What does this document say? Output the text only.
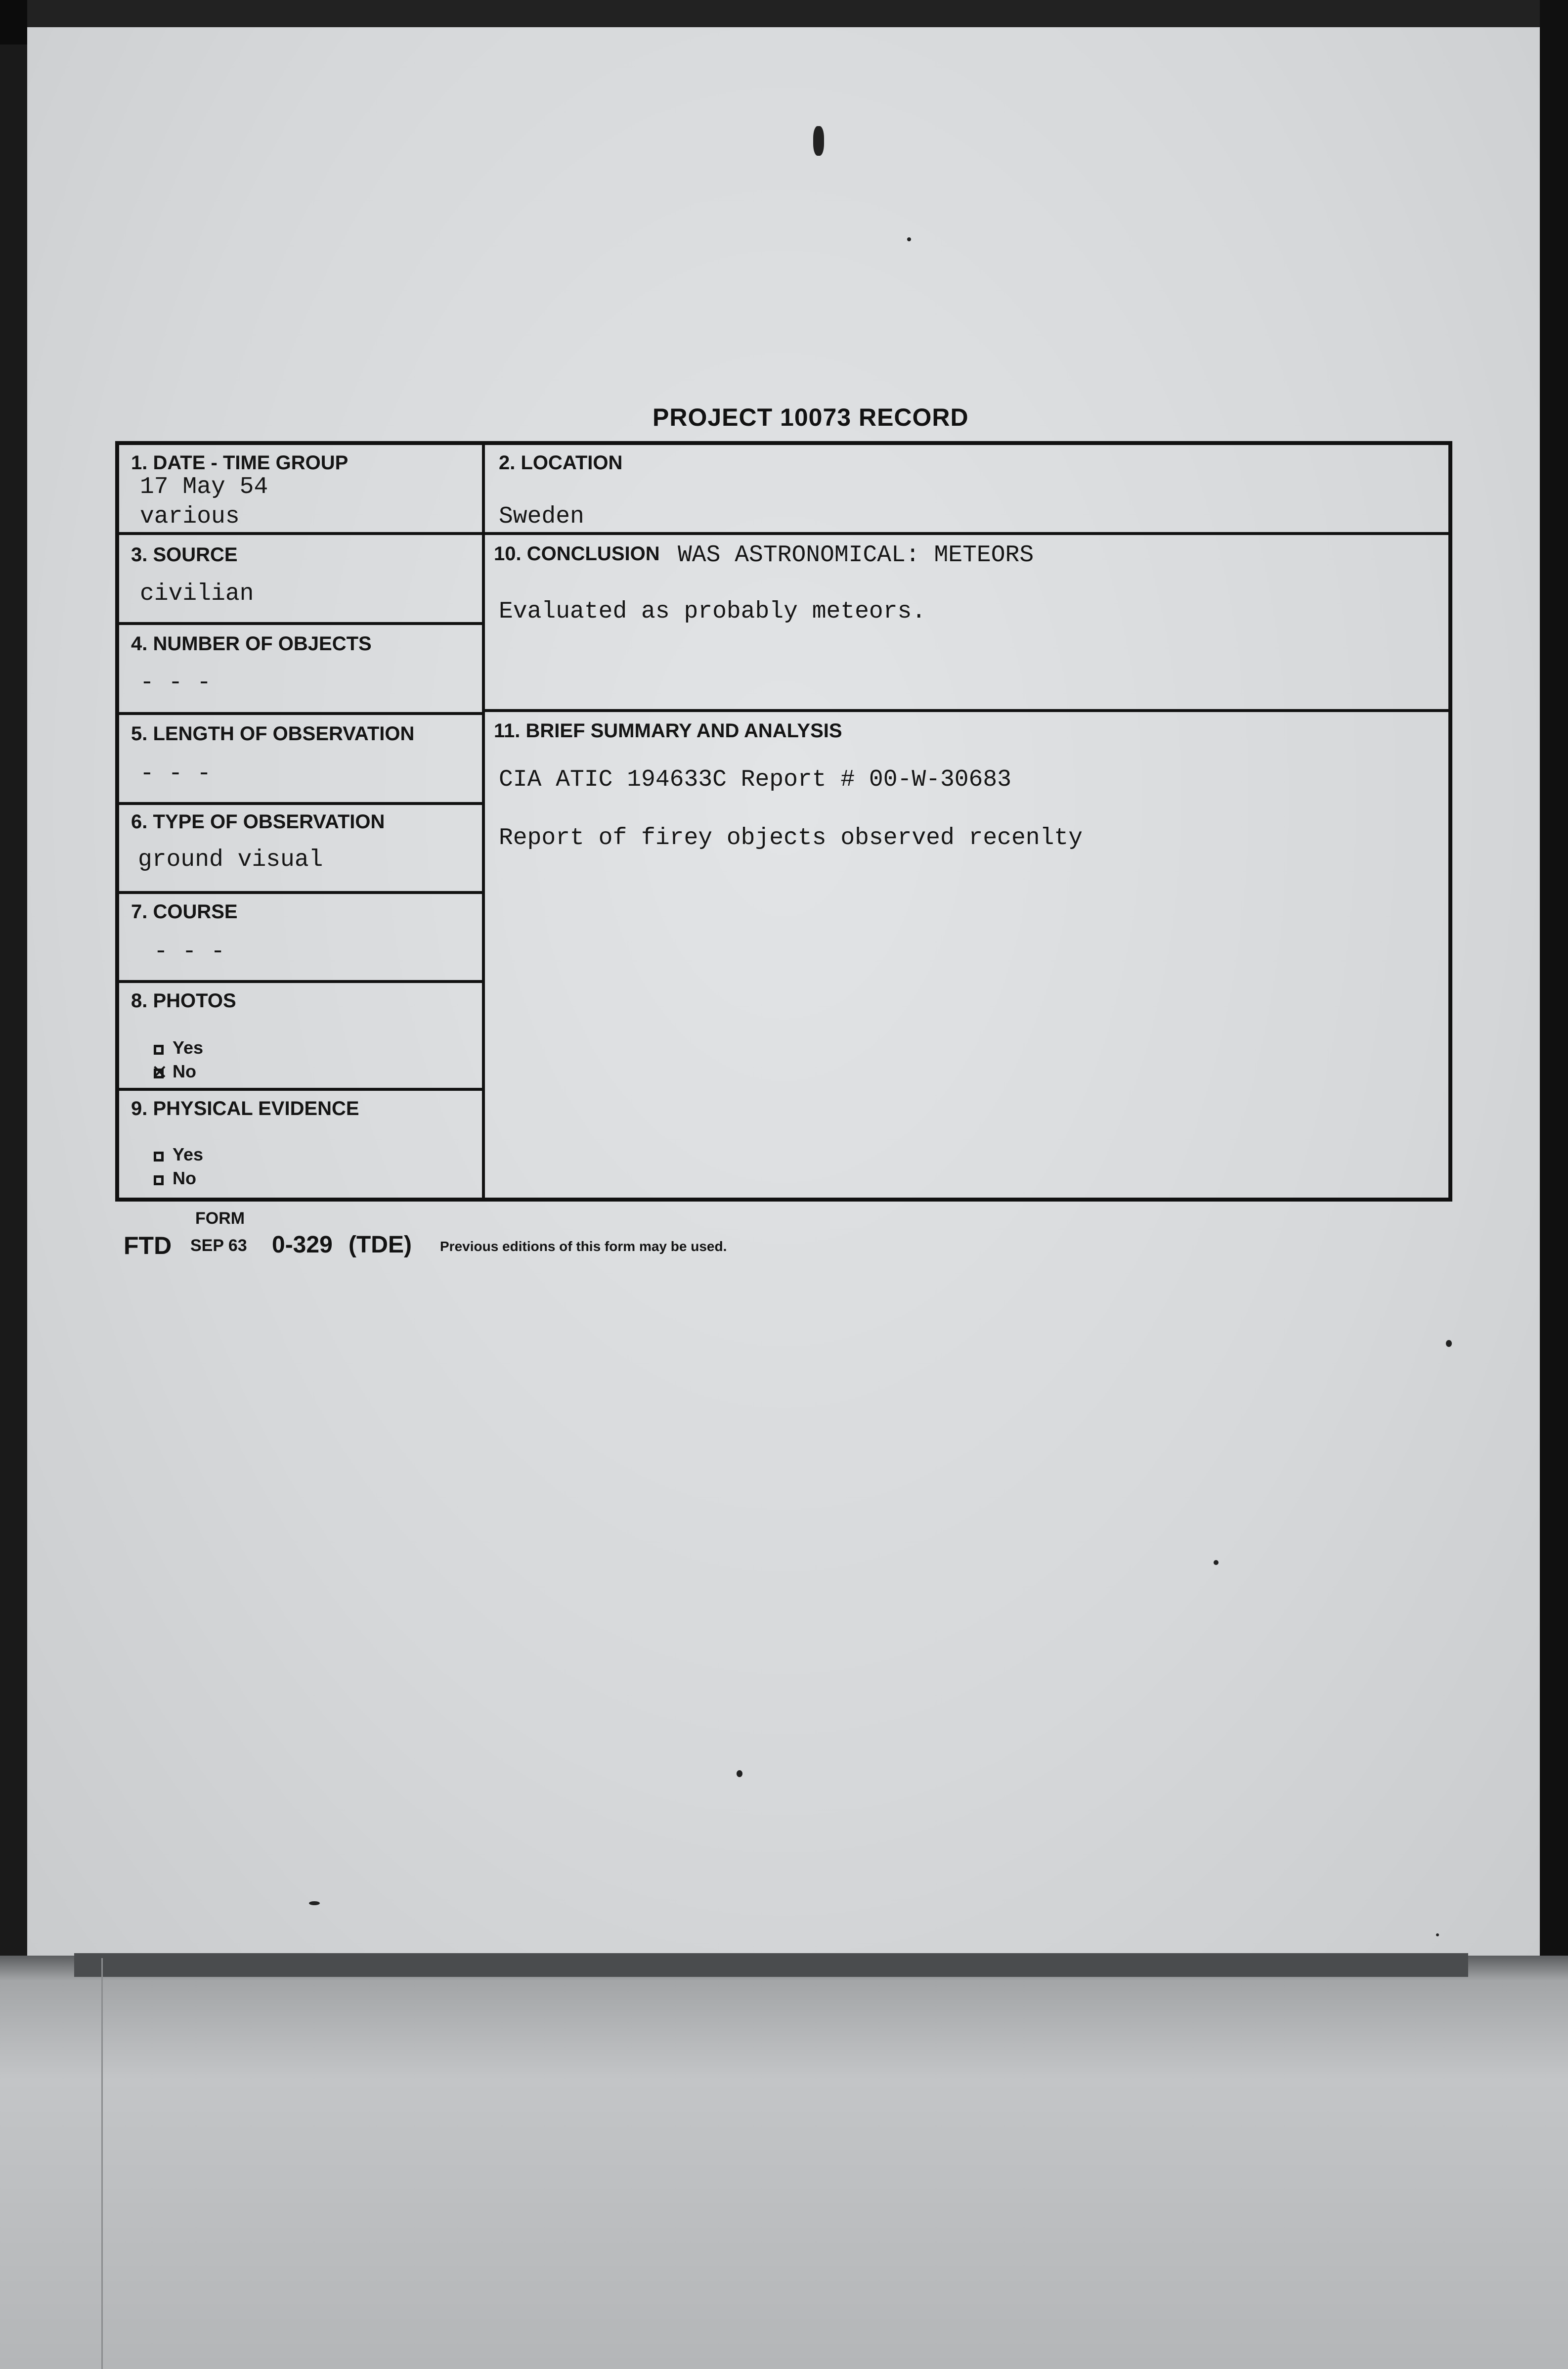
PROJECT 10073 RECORD
1. DATE - TIME GROUP
17 May 54
various
2. LOCATION
Sweden
3. SOURCE
civilian
4. NUMBER OF OBJECTS
- - -
5. LENGTH OF OBSERVATION
- - -
6. TYPE OF OBSERVATION
ground visual
7. COURSE
- - -
8. PHOTOS
Yes
✕No
9. PHYSICAL EVIDENCE
Yes
No
10. CONCLUSION WAS ASTRONOMICAL: METEORS
Evaluated as probably meteors.
11. BRIEF SUMMARY AND ANALYSIS
CIA ATIC 194633C Report # 00-W-30683
Report of firey objects observed recenlty
FORM
FTD SEP 63 0-329 (TDE) Previous editions of this form may be used.
